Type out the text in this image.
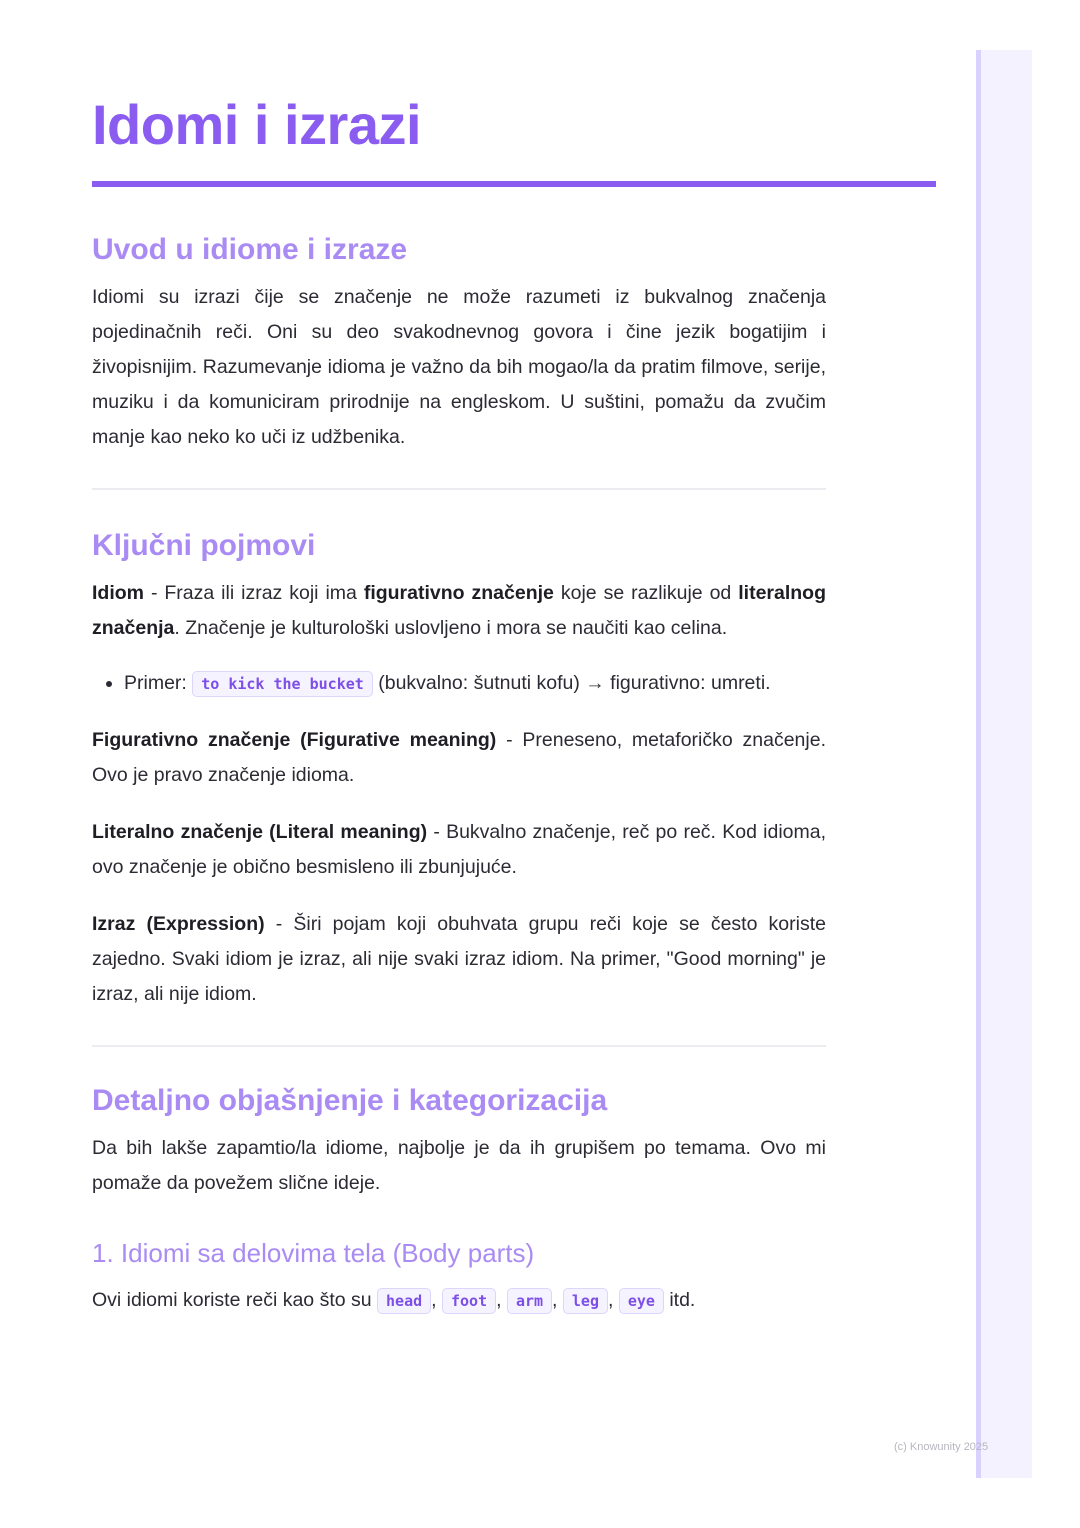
Idomi i izrazi
Uvod u idiome i izraze

Idiomi su izrazi čije se značenje ne može razumeti iz bukvalnog značenja pojedinačnih reči. Oni su deo svakodnevnog govora i čine jezik bogatijim i živopisnijim. Razumevanje idioma je važno da bih mogao/la da pratim filmove, serije, muziku i da komuniciram prirodnije na engleskom. U suštini, pomažu da zvučim manje kao neko ko uči iz udžbenika.

Ključni pojmovi

Idiom - Fraza ili izraz koji ima figurativno značenje koje se razlikuje od literalnog značenja. Značenje je kulturološki uslovljeno i mora se naučiti kao celina.

• Primer: to kick the bucket (bukvalno: šutnuti kofu) → figurativno: umreti.

Figurativno značenje (Figurative meaning) - Preneseno, metaforičko značenje. Ovo je pravo značenje idioma.

Literalno značenje (Literal meaning) - Bukvalno značenje, reč po reč. Kod idioma, ovo značenje je obično besmisleno ili zbunjujuće.

Izraz (Expression) - Širi pojam koji obuhvata grupu reči koje se često koriste zajedno. Svaki idiom je izraz, ali nije svaki izraz idiom. Na primer, "Good morning" je izraz, ali nije idiom.

Detaljno objašnjenje i kategorizacija

Da bih lakše zapamtio/la idiome, najbolje je da ih grupišem po temama. Ovo mi pomaže da povežem slične ideje.

1. Idiomi sa delovima tela (Body parts)

Ovi idiomi koriste reči kao što su head , foot , arm , leg , eye itd.

(c) Knowunity 2025
